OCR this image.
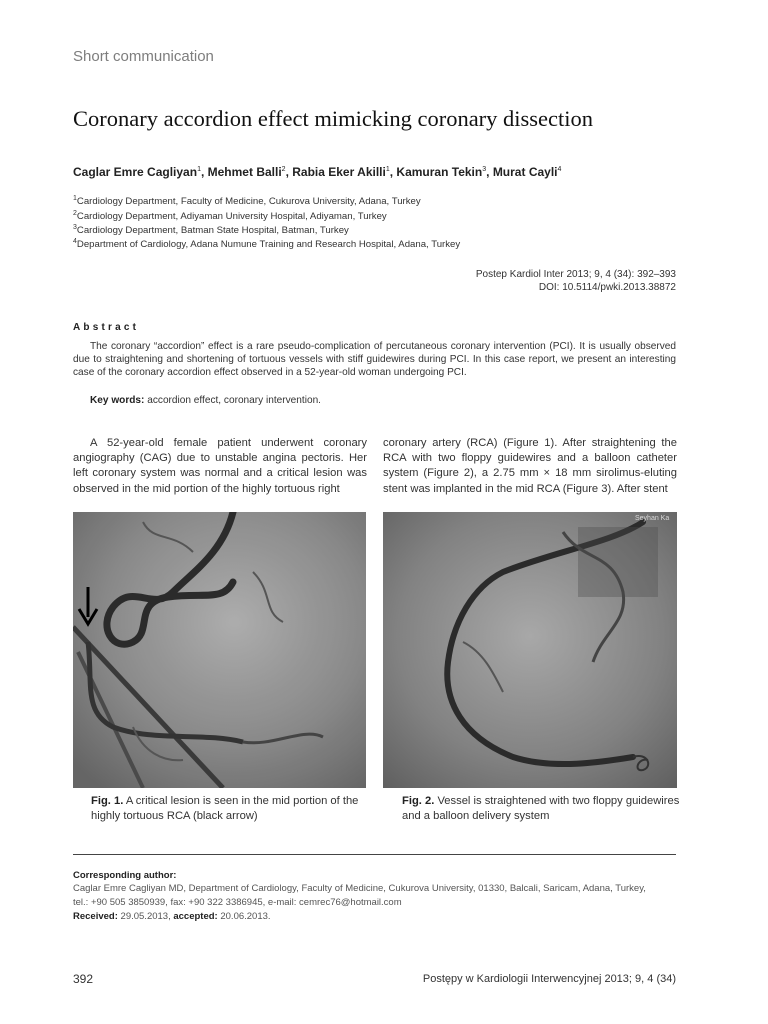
Short communication
Coronary accordion effect mimicking coronary dissection
Caglar Emre Cagliyan$^1$, Mehmet Balli$^2$, Rabia Eker Akilli$^1$, Kamuran Tekin$^3$, Murat Cayli$^4$
$^1$Cardiology Department, Faculty of Medicine, Cukurova University, Adana, Turkey
$^2$Cardiology Department, Adiyaman University Hospital, Adiyaman, Turkey
$^3$Cardiology Department, Batman State Hospital, Batman, Turkey
$^4$Department of Cardiology, Adana Numune Training and Research Hospital, Adana, Turkey
Postep Kardiol Inter 2013; 9, 4 (34): 392–393
DOI: 10.5114/pwki.2013.38872
Abstract
The coronary “accordion” effect is a rare pseudo-complication of percutaneous coronary intervention (PCI). It is usually observed due to straightening and shortening of tortuous vessels with stiff guidewires during PCI. In this case report, we present an interesting case of the coronary accordion effect observed in a 52-year-old woman undergoing PCI.
Key words: accordion effect, coronary intervention.
A 52-year-old female patient underwent coronary angiography (CAG) due to unstable angina pectoris. Her left coronary system was normal and a critical lesion was observed in the mid portion of the highly tortuous right
coronary artery (RCA) (Figure 1). After straightening the RCA with two floppy guidewires and a balloon catheter system (Figure 2), a 2.75 mm × 18 mm sirolimus-eluting stent was implanted in the mid RCA (Figure 3). After stent
Seyhan Ka
Fig. 1. A critical lesion is seen in the mid portion of the highly tortuous RCA (black arrow)
Fig. 2. Vessel is straightened with two floppy guidewires and a balloon delivery system
Corresponding author:
Caglar Emre Cagliyan MD, Department of Cardiology, Faculty of Medicine, Cukurova University, 01330, Balcali, Saricam, Adana, Turkey,
tel.: +90 505 3850939, fax: +90 322 3386945, e-mail: cemrec76@hotmail.com
Received: 29.05.2013, accepted: 20.06.2013.
392	Postępy w Kardiologii Interwencyjnej 2013; 9, 4 (34)
